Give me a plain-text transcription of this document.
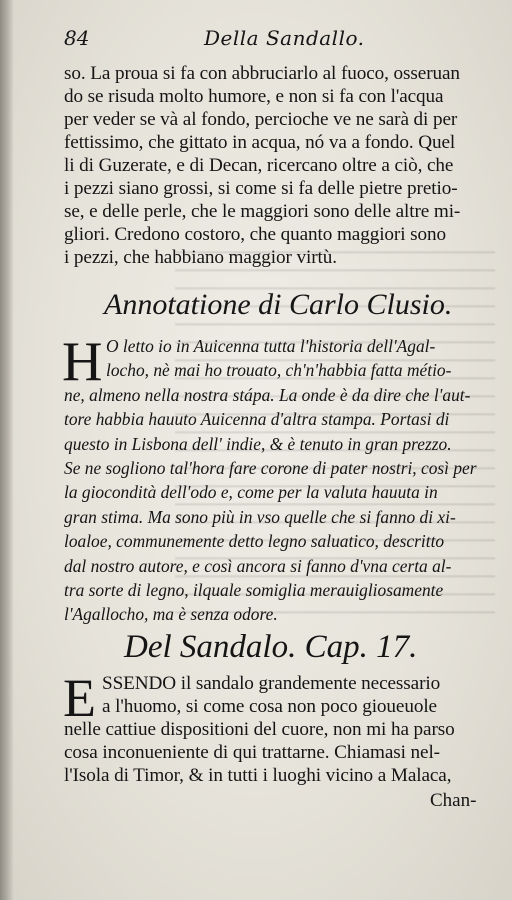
84	Della Sandallo.
so. La proua si fa con abbruciarlo al fuoco, osseruan
do se risuda molto humore, e non si fa con l'acqua
per veder se và al fondo, percioche ve ne sarà di per
fettissimo, che gittato in acqua, nó va a fondo. Quel
li di Guzerate, e di Decan, ricercano oltre a ciò, che
i pezzi siano grossi, si come si fa delle pietre pretio-
se, e delle perle, che le maggiori sono delle altre mi-
gliori. Credono costoro, che quanto maggiori sono
i pezzi, che habbiano maggior virtù.
Annotatione di Carlo Clusio.
H O letto io in Auicenna tutta l'historia dell'Agal-
locho, nè mai ho trouato, ch'n'habbia fatta métio-
ne, almeno nella nostra stápa. La onde è da dire che l'aut-
tore habbia hauuto Auicenna d'altra stampa. Portasi di
questo in Lisbona dell' indie, & è tenuto in gran prezzo.
Se ne sogliono tal'hora fare corone di pater nostri, così per
la giocondità dell'odo e, come per la valuta hauuta in
gran stima. Ma sono più in vso quelle che si fanno di xi-
loaloe, communemente detto legno saluatico, descritto
dal nostro autore, e così ancora si fanno d'vna certa al-
tra sorte di legno, ilquale somiglia merauigliosamente
l'Agallocho, ma è senza odore.
Del Sandalo. Cap. 17.
E SSENDO il sandalo grandemente necessario
a l'huomo, si come cosa non poco gioueuole
nelle cattiue dispositioni del cuore, non mi ha parso
cosa inconueniente di qui trattarne. Chiamasi nel-
l'Isola di Timor, & in tutti i luoghi vicino a Malaca,
Chan-
